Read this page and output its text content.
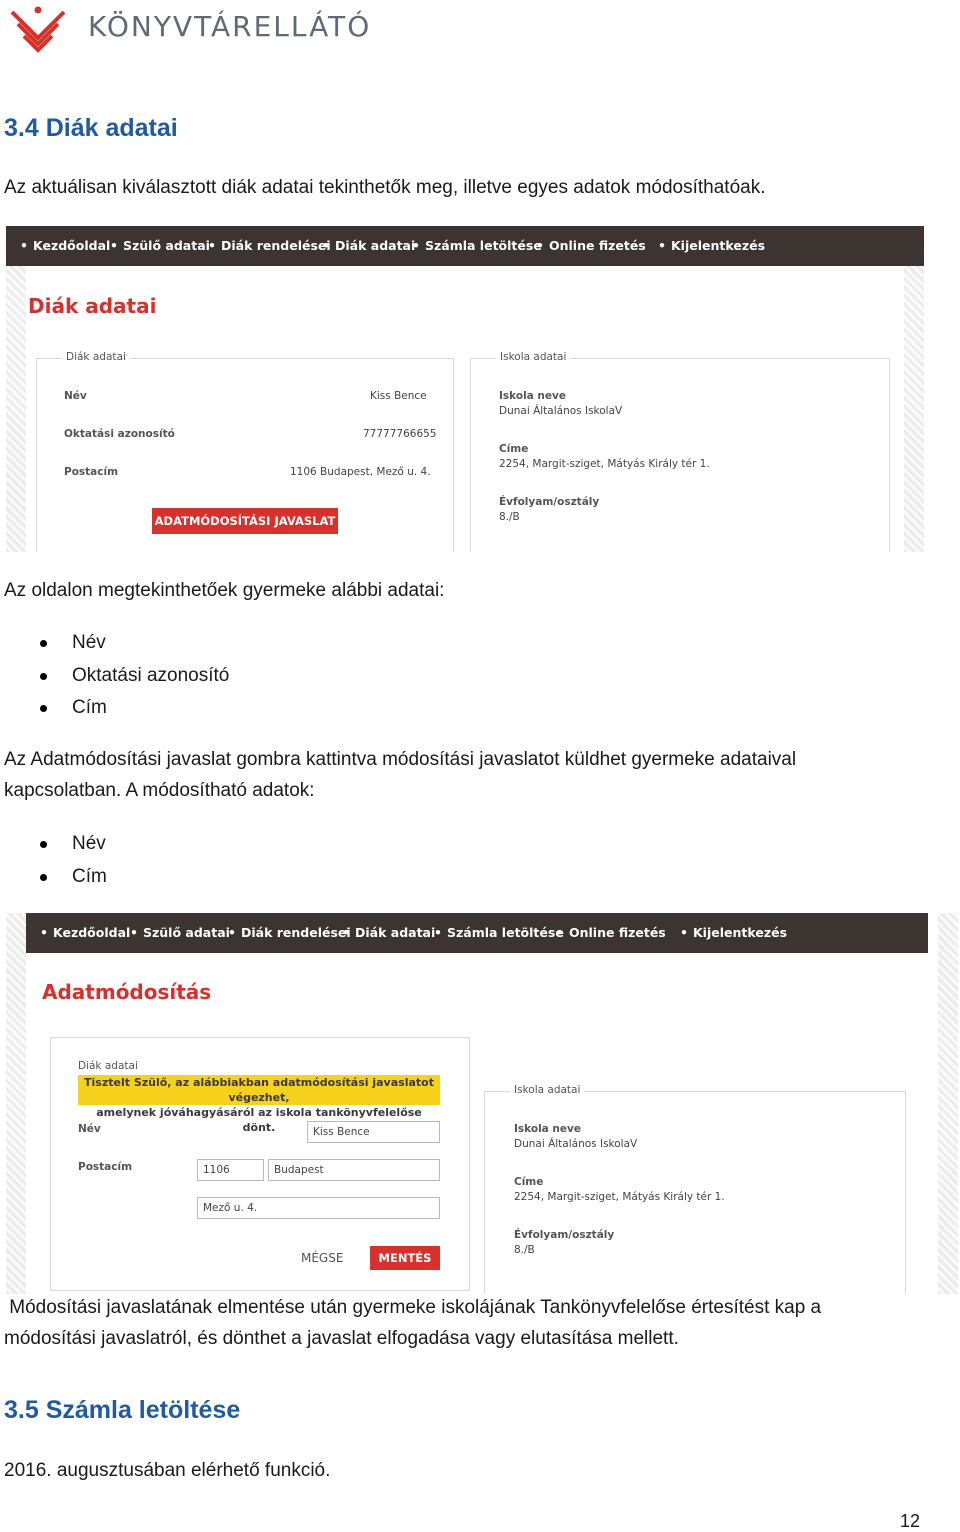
KÖNYVTÁRELLÁTÓ
3.4 Diák adatai

Az aktuálisan kiválasztott diák adatai tekinthetők meg, illetve egyes adatok módosíthatóak.

• Kezdőoldal	• Szülő adatai • Diák rendelései • Diák adatai • Számla letöltése • Online fizetés	• Kijelentkezés
Diák adatai
Diák adatai
Név	Kiss Bence
Oktatási azonosító	77777766655
Postacím	1106 Budapest, Mező u. 4.
ADATMÓDOSÍTÁSI JAVASLAT
Iskola adatai
Iskola neve
Dunai Általános IskolaV
Címe
2254, Margit-sziget, Mátyás Király tér 1.
Évfolyam/osztály
8./B

Az oldalon megtekinthetőek gyermeke alábbi adatai:

Név
Oktatási azonosító
Cím

Az Adatmódosítási javaslat gombra kattintva módosítási javaslatot küldhet gyermeke adataival

kapcsolatban. A módosítható adatok:

Név
Cím
• Kezdőoldal	• Szülő adatai • Diák rendelései • Diák adatai • Számla letöltése • Online fizetés	• Kijelentkezés
Adatmódosítás
Diák adatai
Tisztelt Szülő, az alábbiakban adatmódosítási javaslatot végezhet,
amelynek jóváhagyásáról az iskola tankönyvfelelőse dönt.
Név	Kiss Bence
Postacím	1106	Budapest
Mező u. 4.
MÉGSE	MENTÉS
Iskola adatai
Iskola neve
Dunai Általános IskolaV
Címe
2254, Margit-sziget, Mátyás Király tér 1.
Évfolyam/osztály
8./B

Módosítási javaslatának elmentése után gyermeke iskolájának Tankönyvfelelőse értesítést kap a

módosítási javaslatról, és dönthet a javaslat elfogadása vagy elutasítása mellett.

3.5 Számla letöltése

2016. augusztusában elérhető funkció.

12
